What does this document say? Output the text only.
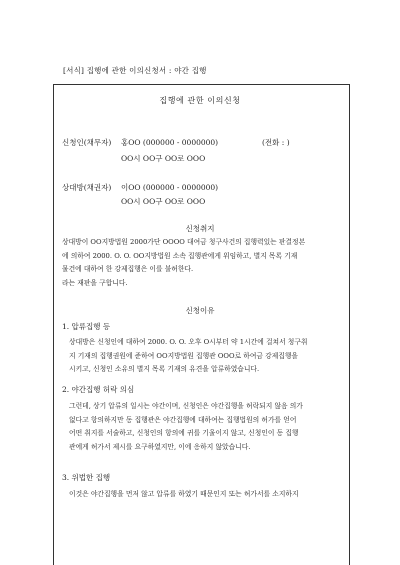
[서식] 집행에 관한 이의신청서 : 야간 집행
집행에 관한 이의신청
신청인(채무자) 홍OO (000000 - 0000000)	(전화 : )
OO시 OO구 OO로 OOO
상대방(채권자) 이OO (000000 - 0000000)
OO시 OO구 OO로 OOO
신청취지
상대방이 OO지방법원 2000가단 OOOO 대여금 청구사건의 집행력있는 판결정본
에 의하여 2000. O. O. OO지방법원 소속 집행관에게 위임하고, 별지 목록 기재
물건에 대하여 한 강제집행은 이를 불허한다.
라는 재판을 구합니다.
신청이유
1. 압류집행 등
상대방은 신청인에 대하여 2000. O. O. 오후 O시부터 약 1시간에 걸쳐서 청구취
지 기재의 집행권원에 준하여 OO지방법원 집행관 OOO로 하여금 강제집행을
시키고, 신청인 소유의 별지 목록 기재의 유견을 압류하였습니다.
2. 야간집행 허락 의심
그런데, 상기 압류의 일시는 야간이며, 신청인은 야간집행을 허락되지 않음 의가
없다고 항의하지만 동 집행관은 야간집행에 대하여는 집행법원의 허가를 얻어
어떤 취지를 서술하고, 신청인의 항의에 귀를 기울이지 않고, 신청인이 동 집행
관에게 허가서 제시를 요구하였지만, 이에 응하지 않았습니다.
3. 위법한 집행
이것은 야간집행을 먼저 않고 압류를 하였기 때문인지 또는 허가서를 소지하지
